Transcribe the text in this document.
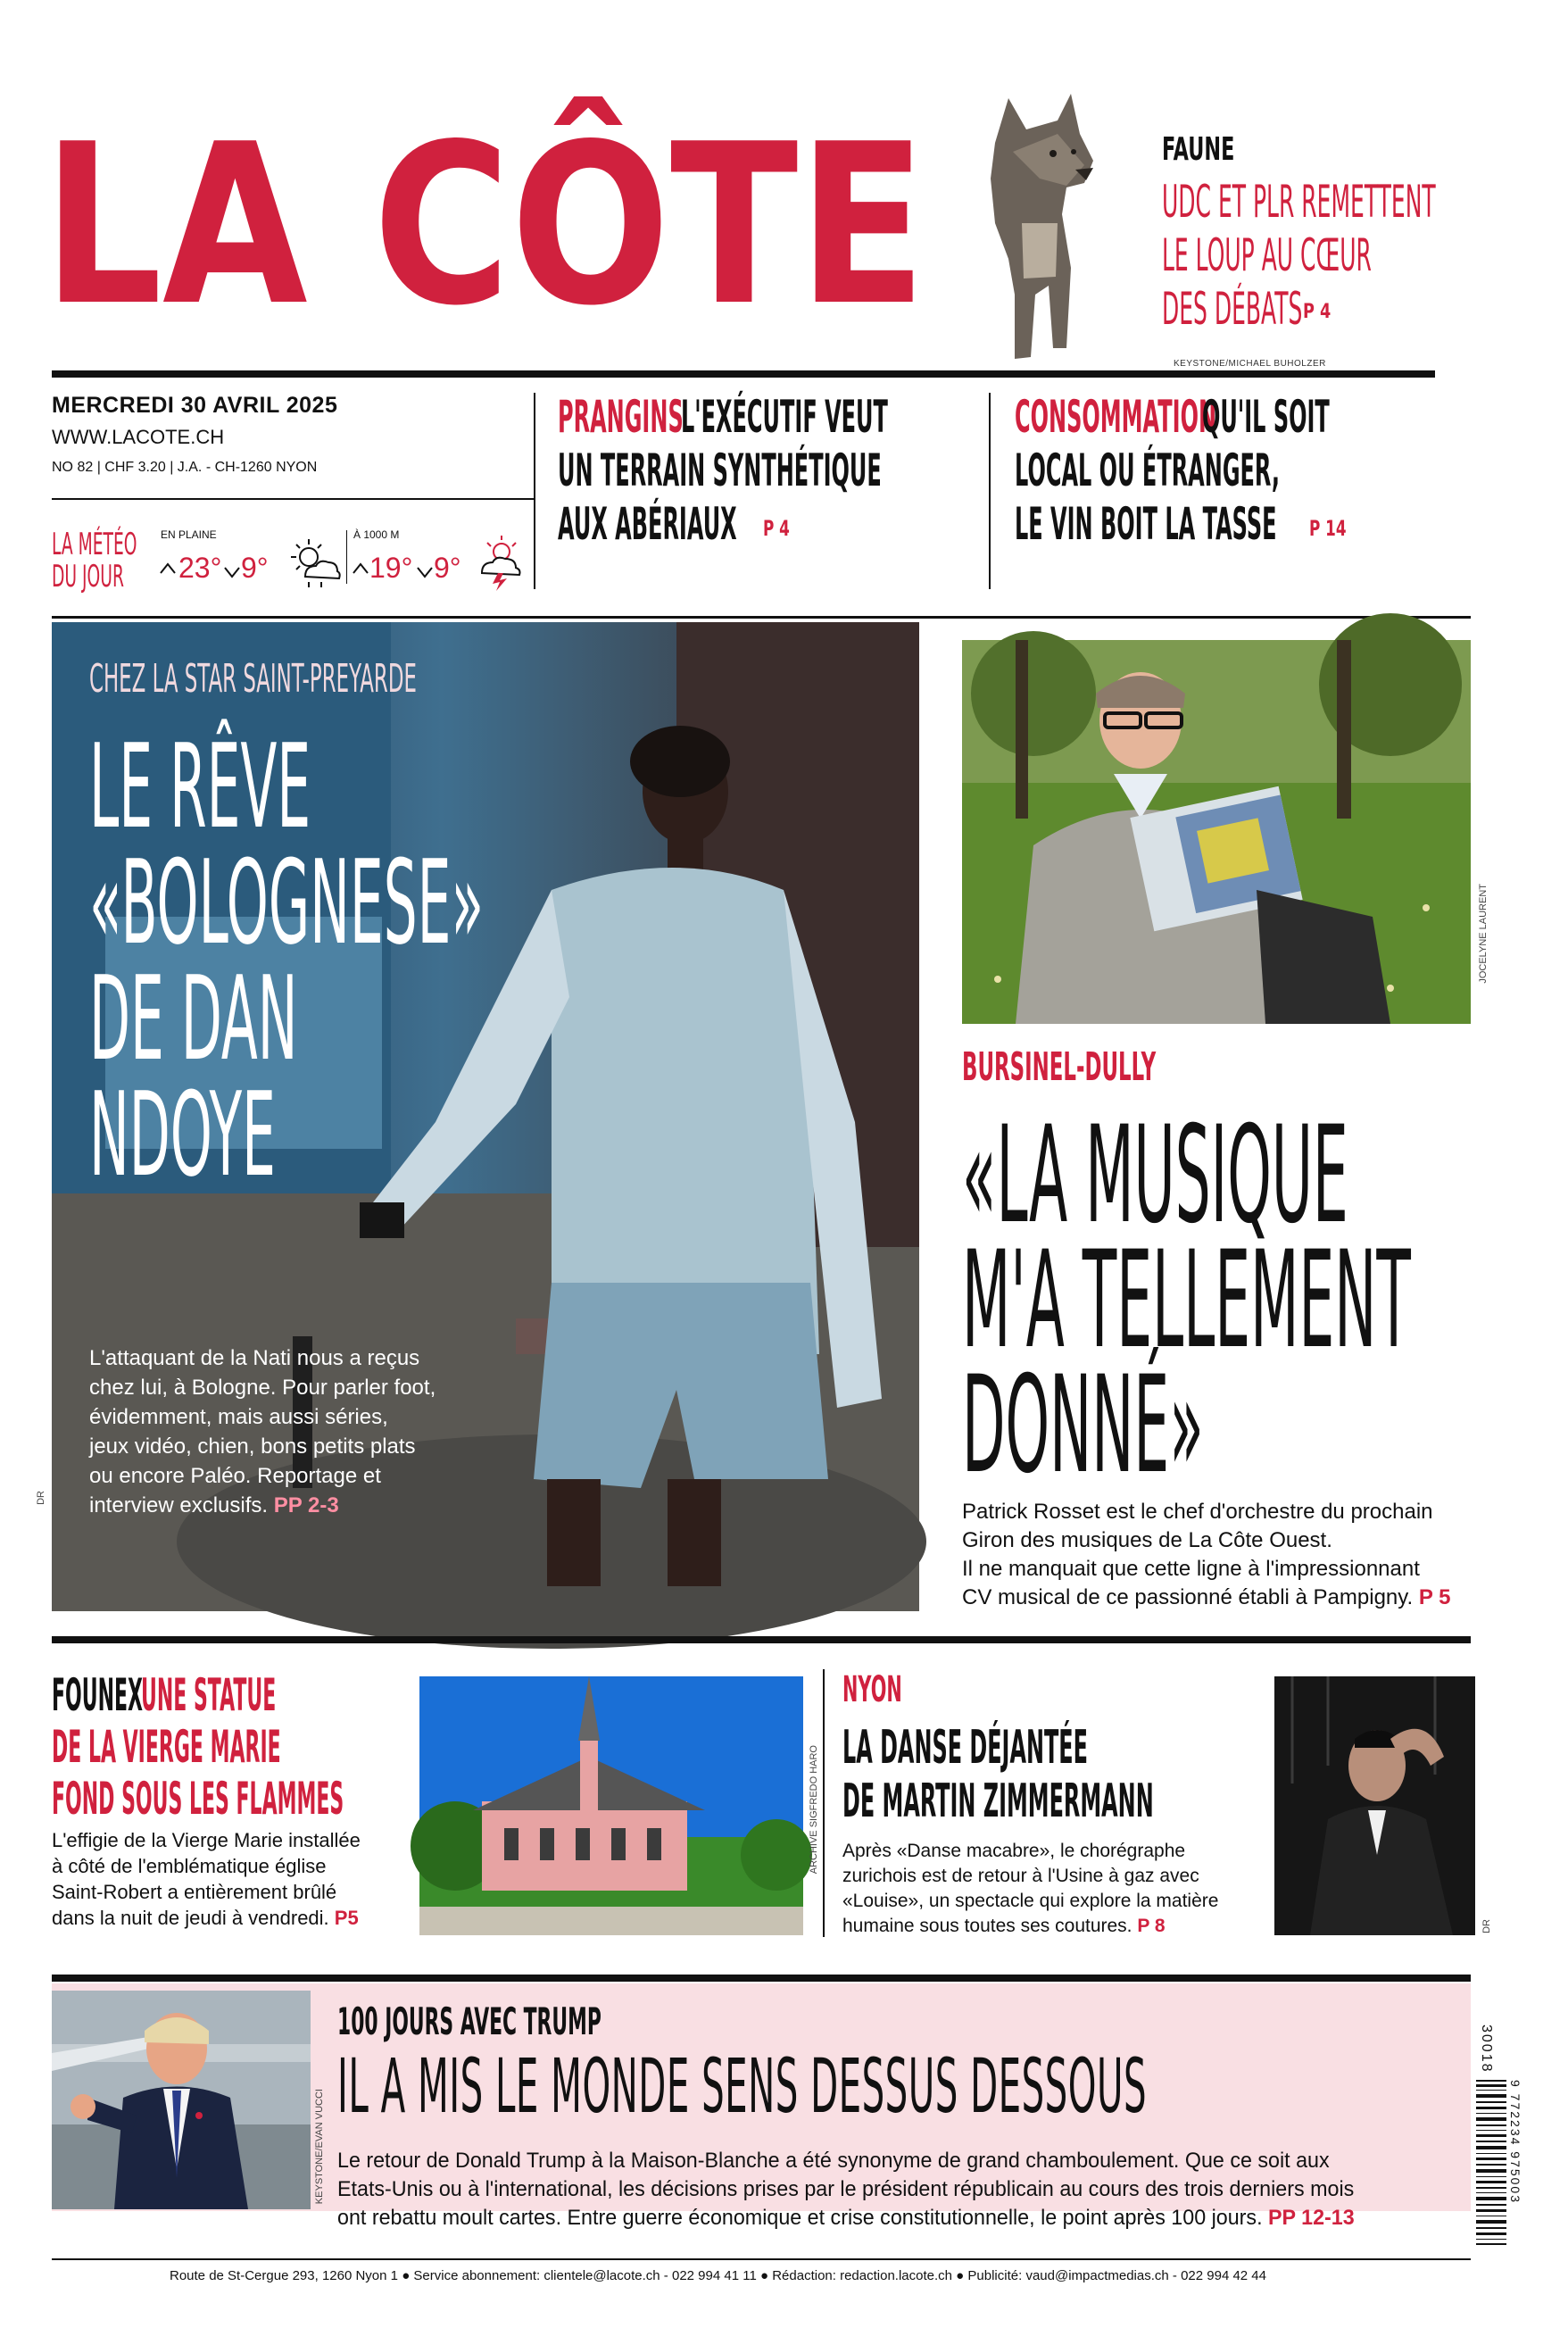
LA CÔTE FAUNE
UDC ET PLR REMETTENT
LE LOUP AU CŒUR
DES DÉBATS P 4
KEYSTONE/MICHAEL BUHOLZER
MERCREDI 30 AVRIL 2025
WWW.LACOTE.CH
NO 82 | CHF 3.20 | J.A. - CH-1260 NYON
LA MÉTÉO
DU JOUR
EN PLAINE
23° 9°
À 1000 M
19° 9°
PRANGINS
L'EXÉCUTIF VEUT
UN TERRAIN SYNTHÉTIQUE
AUX ABÉRIAUX P 4
CONSOMMATION
QU'IL SOIT
LOCAL OU ÉTRANGER,
LE VIN BOIT LA TASSE P 14
CHEZ LA STAR SAINT-PREYARDE
LE RÊVE
«BOLOGNESE»
DE DAN
NDOYE
L'attaquant de la Nati nous a reçus
chez lui, à Bologne. Pour parler foot,
évidemment, mais aussi séries,
jeux vidéo, chien, bons petits plats
ou encore Paléo. Reportage et
interview exclusifs. PP 2-3
DR
JOCELYNE LAURENT
BURSINEL-DULLY
«LA MUSIQUE
M'A TELLEMENT
DONNÉ»
Patrick Rosset est le chef d'orchestre du prochain
Giron des musiques de La Côte Ouest.
Il ne manquait que cette ligne à l'impressionnant
CV musical de ce passionné établi à Pampigny. P 5
FOUNEX
UNE STATUE
DE LA VIERGE MARIE
FOND SOUS LES FLAMMES
L'effigie de la Vierge Marie installée
à côté de l'emblématique église
Saint-Robert a entièrement brûlé
dans la nuit de jeudi à vendredi. P5
ARCHIVE SIGFREDO HARO
NYON
LA DANSE DÉJANTÉE
DE MARTIN ZIMMERMANN
Après «Danse macabre», le chorégraphe
zurichois est de retour à l'Usine à gaz avec
«Louise», un spectacle qui explore la matière
humaine sous toutes ses coutures. P 8	DR
KEYSTONE/EVAN VUCCI
100 JOURS AVEC TRUMP
IL A MIS LE MONDE SENS DESSUS DESSOUS
Le retour de Donald Trump à la Maison-Blanche a été synonyme de grand chamboulement. Que ce soit aux
Etats-Unis ou à l'international, les décisions prises par le président républicain au cours des trois derniers mois
ont rebattu moult cartes. Entre guerre économique et crise constitutionnelle, le point après 100 jours. PP 12-13
30018
9 772234 975003
Route de St-Cergue 293, 1260 Nyon 1 ● Service abonnement: clientele@lacote.ch - 022 994 41 11 ● Rédaction: redaction.lacote.ch ● Publicité: vaud@impactmedias.ch - 022 994 42 44
